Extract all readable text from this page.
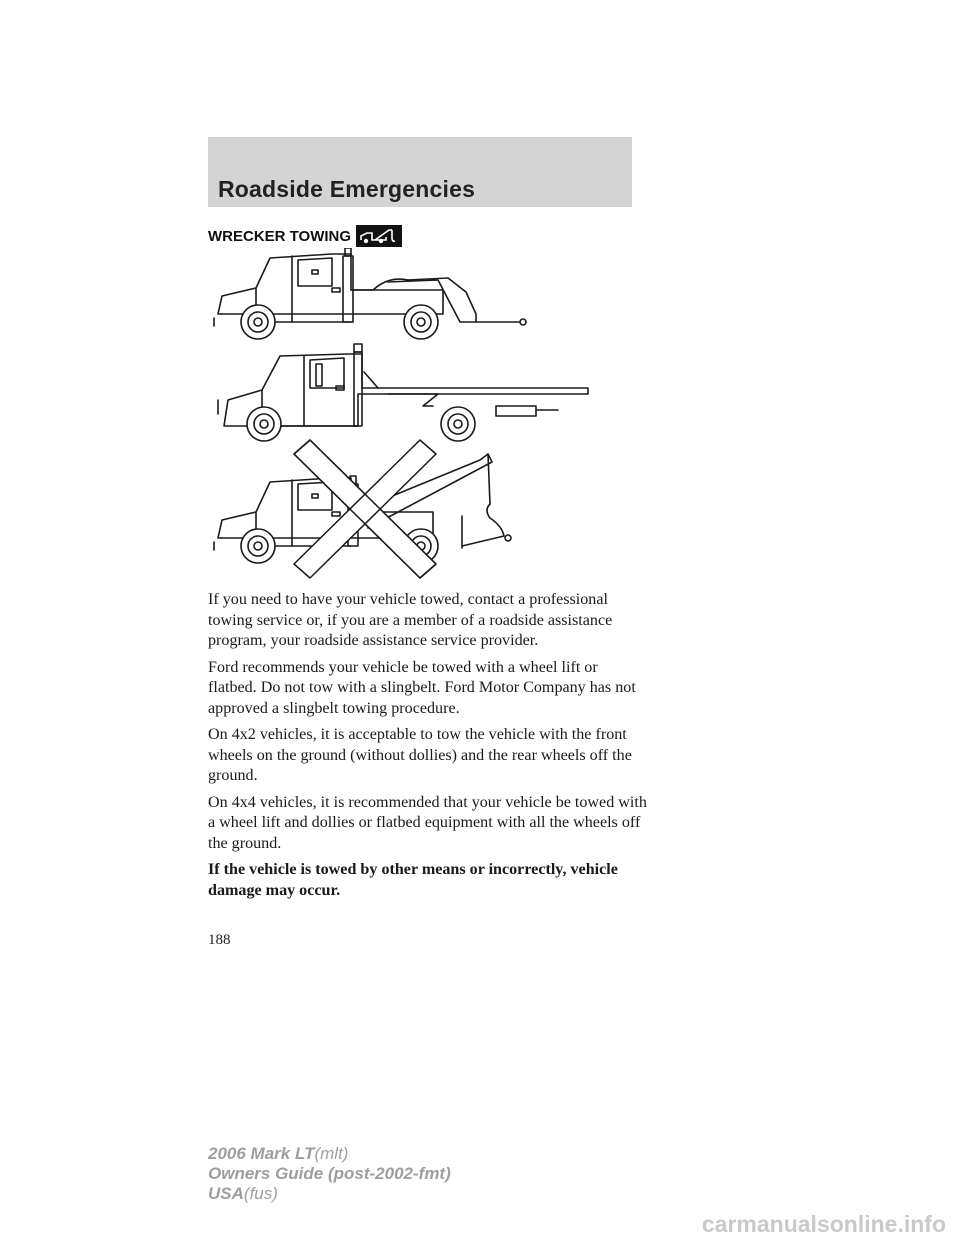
Roadside Emergencies
WRECKER TOWING

If you need to have your vehicle towed, contact a professional towing service or, if you are a member of a roadside assistance program, your roadside assistance service provider.

Ford recommends your vehicle be towed with a wheel lift or flatbed. Do not tow with a slingbelt. Ford Motor Company has not approved a slingbelt towing procedure.

On 4x2 vehicles, it is acceptable to tow the vehicle with the front wheels on the ground (without dollies) and the rear wheels off the ground.

On 4x4 vehicles, it is recommended that your vehicle be towed with a wheel lift and dollies or flatbed equipment with all the wheels off the ground.

If the vehicle is towed by other means or incorrectly, vehicle damage may occur.

188
2006 Mark LT(mlt)
Owners Guide (post-2002-fmt)
USA(fus)
carmanualsonline.info
